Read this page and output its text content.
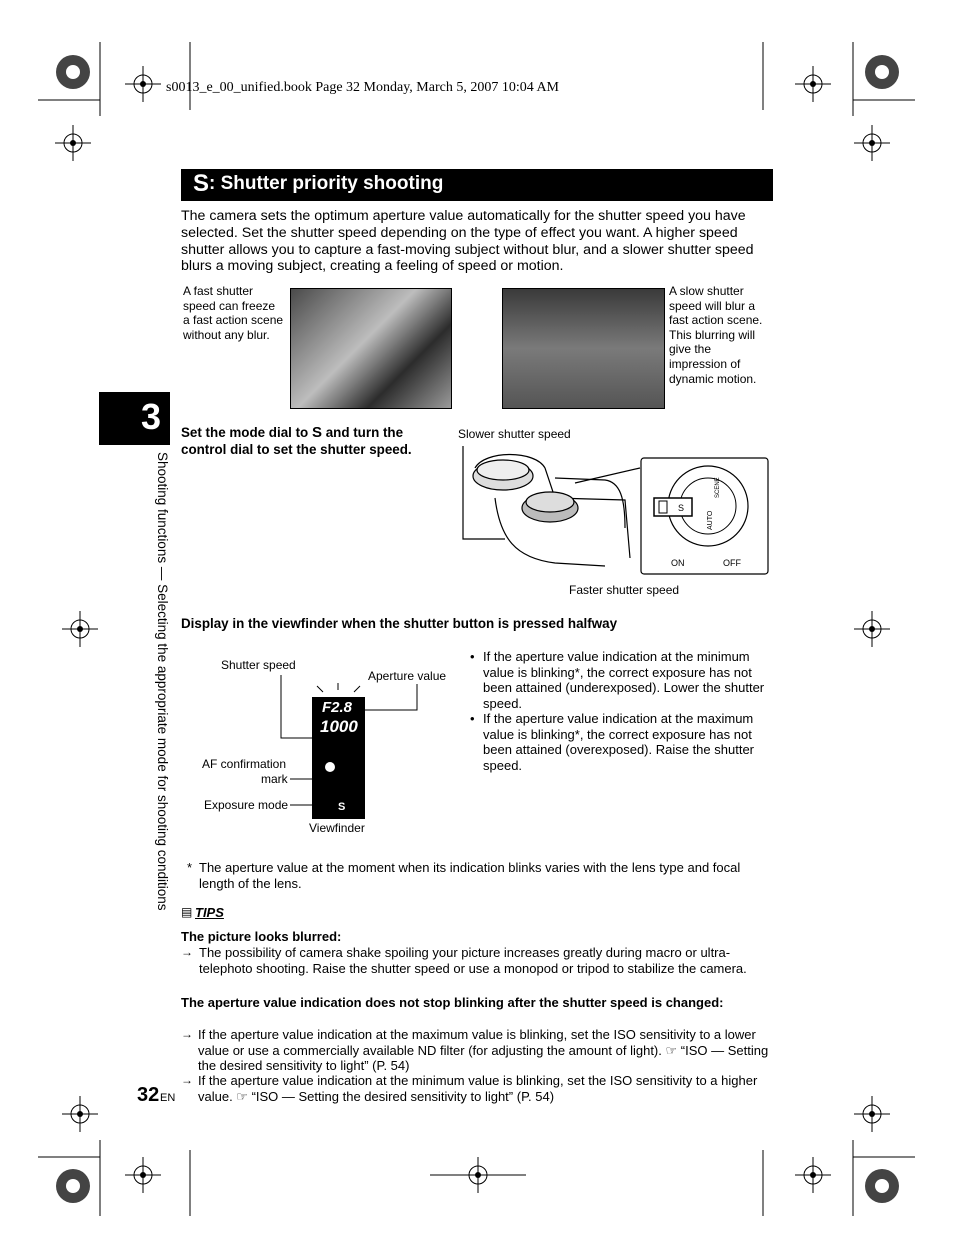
s0013_e_00_unified.book Page 32 Monday, March 5, 2007 10:04 AM
S : Shutter priority shooting
The camera sets the optimum aperture value automatically for the shutter speed you have selected. Set the shutter speed depending on the type of effect you want. A higher speed shutter allows you to capture a fast-moving subject without blur, and a slower shutter speed blurs a moving subject, creating a feeling of speed or motion.
A fast shutter speed can freeze a fast action scene without any blur.
A slow shutter speed will blur a fast action scene. This blurring will give the impression of dynamic motion.
3
Shooting functions — Selecting the appropriate mode for shooting conditions
Set the mode dial to S and turn the control dial to set the shutter speed.
Slower shutter speed
Faster shutter speed
S
AUTO
SCENE
ON	OFF
Display in the viewfinder when the shutter button is pressed halfway
Shutter speed
Aperture value
AF confirmation
mark
Exposure mode
Viewfinder
F2.8
1000
S
• If the aperture value indication at the minimum value is blinking*, the correct exposure has not been attained (underexposed). Lower the shutter speed.
• If the aperture value indication at the maximum value is blinking*, the correct exposure has not been attained (overexposed). Raise the shutter speed.
* The aperture value at the moment when its indication blinks varies with the lens type and focal length of the lens.
▤ TIPS
The picture looks blurred:
→ The possibility of camera shake spoiling your picture increases greatly during macro or ultra-telephoto shooting. Raise the shutter speed or use a monopod or tripod to stabilize the camera.
The aperture value indication does not stop blinking after the shutter speed is changed:
→ If the aperture value indication at the maximum value is blinking, set the ISO sensitivity to a lower value or use a commercially available ND filter (for adjusting the amount of light). ☞ “ISO — Setting the desired sensitivity to light” (P. 54)
→ If the aperture value indication at the minimum value is blinking, set the ISO sensitivity to a higher value. ☞ “ISO — Setting the desired sensitivity to light” (P. 54)
32 EN
